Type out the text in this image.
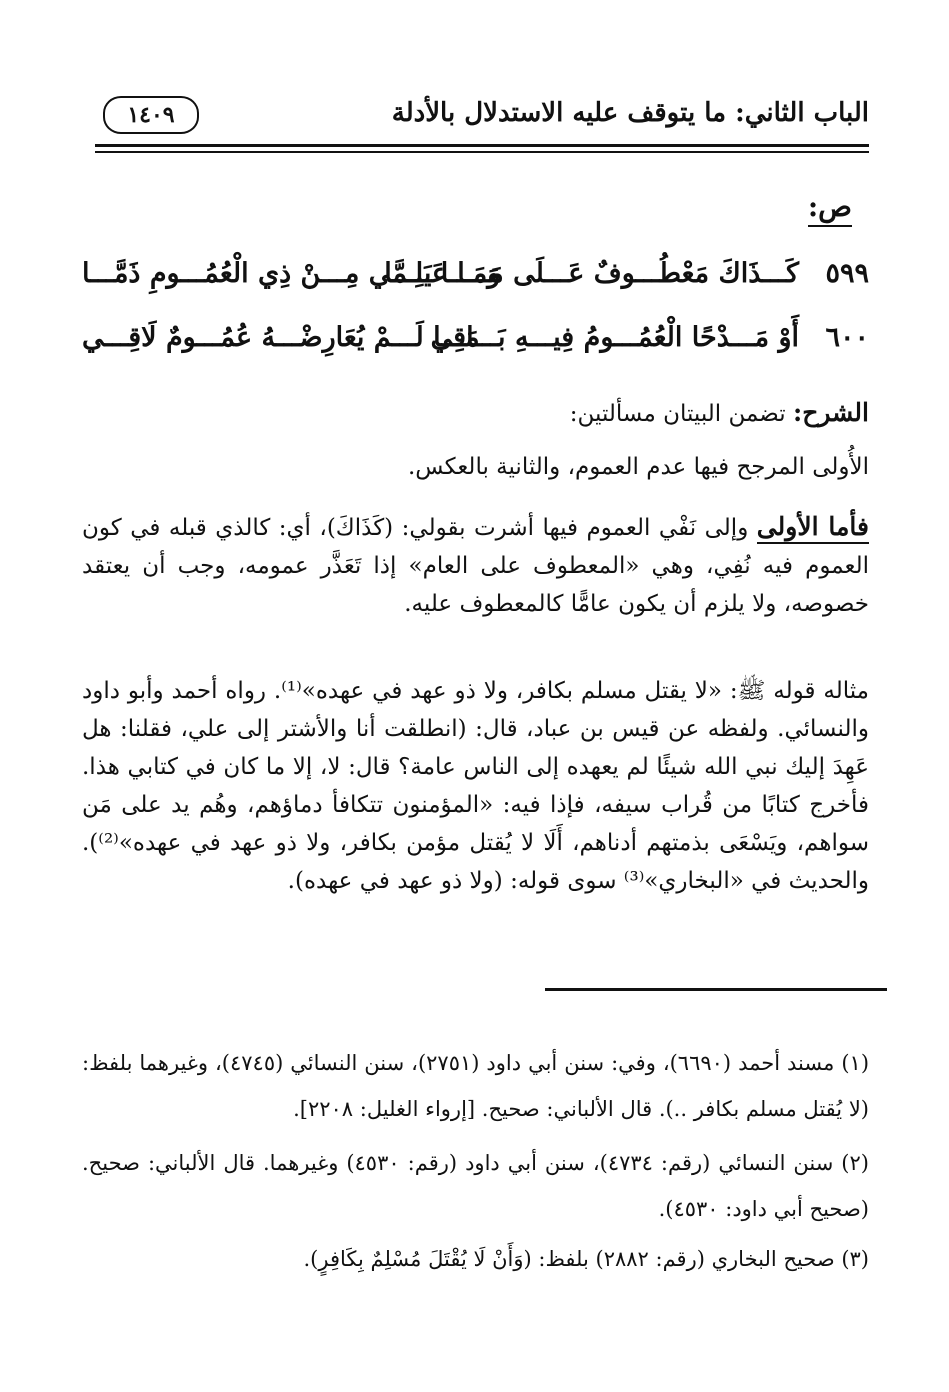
الباب الثاني: ما يتوقف عليه الاستدلال بالأدلة
١٤٠٩
ص:
٥٩٩
كَـــذَاكَ مَعْطُـــوفٌ عَـــلَى مَـــا عَـــمَّا
وَمَـــا يَلِـــي مِـــنْ ذِي الْعُمُـــومِ ذَمَّـــا
٦٠٠
أَوْ مَـــدْحًا الْعُمُـــومُ فِيـــهِ بَـــاقِي
مَـــا لَـــمْ يُعَارِضْـــهُ عُمُـــومٌ لَاقِـــي
الشرح: تضمن البيتان مسألتين:
الأُولى المرجح فيها عدم العموم، والثانية بالعكس.
فأما الأولى وإلى نَفْي العموم فيها أشرت بقولي: (كَذَاكَ)، أي: كالذي قبله في كون العموم فيه نُفِي، وهي «المعطوف على العام» إذا تَعَذَّر عمومه، وجب أن يعتقد خصوصه، ولا يلزم أن يكون عامًّا كالمعطوف عليه.
مثاله قوله ﷺ: «لا يقتل مسلم بكافر، ولا ذو عهد في عهده»⁽¹⁾. رواه أحمد وأبو داود والنسائي. ولفظه عن قيس بن عباد، قال: (انطلقت أنا والأشتر إلى علي، فقلنا: هل عَهِدَ إليك نبي الله شيئًا لم يعهده إلى الناس عامة؟ قال: لا، إلا ما كان في كتابي هذا. فأخرج كتابًا من قُراب سيفه، فإذا فيه: «المؤمنون تتكافأ دماؤهم، وهُم يد على مَن سواهم، ويَسْعَى بذمتهم أدناهم، أَلَا لا يُقتل مؤمن بكافر، ولا ذو عهد في عهده»⁽²⁾). والحديث في «البخاري»⁽³⁾ سوى قوله: (ولا ذو عهد في عهده).
(١) مسند أحمد (٦٦٩٠)، وفي: سنن أبي داود (٢٧٥١)، سنن النسائي (٤٧٤٥)، وغيرهما بلفظ: (لا يُقتل مسلم بكافر ..). قال الألباني: صحيح. [إرواء الغليل: ٢٢٠٨].
(٢) سنن النسائي (رقم: ٤٧٣٤)، سنن أبي داود (رقم: ٤٥٣٠) وغيرهما. قال الألباني: صحيح. (صحيح أبي داود: ٤٥٣٠).
(٣) صحيح البخاري (رقم: ٢٨٨٢) بلفظ: (وَأَنْ لَا يُقْتَلَ مُسْلِمٌ بِكَافِرٍ).
